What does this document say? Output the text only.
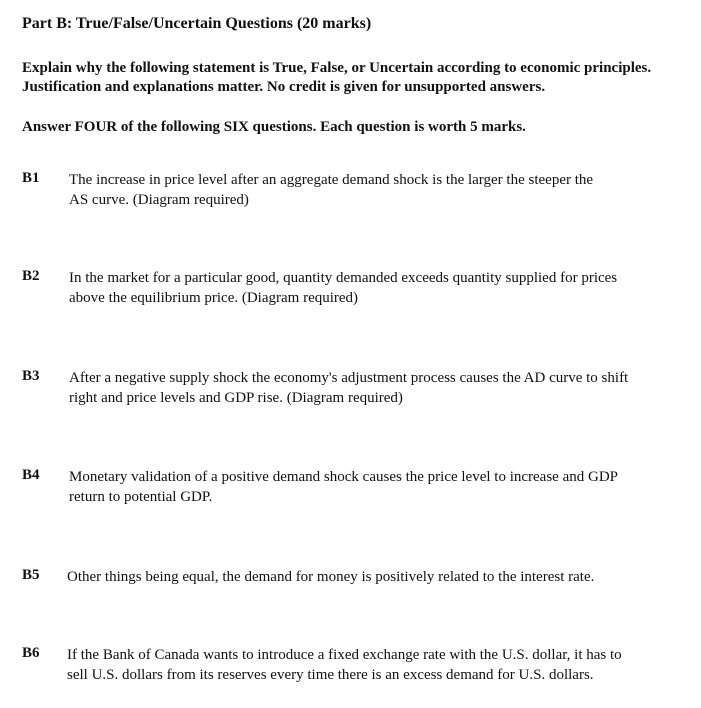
Part B: True/False/Uncertain Questions (20 marks)

Explain why the following statement is True, False, or Uncertain according to economic principles.
Justification and explanations matter. No credit is given for unsupported answers.

Answer FOUR of the following SIX questions. Each question is worth 5 marks.

B1 The increase in price level after an aggregate demand shock is the larger the steeper the
AS curve. (Diagram required)
B2 In the market for a particular good, quantity demanded exceeds quantity supplied for prices
above the equilibrium price. (Diagram required)
B3 After a negative supply shock the economy's adjustment process causes the AD curve to shift
right and price levels and GDP rise. (Diagram required)
B4 Monetary validation of a positive demand shock causes the price level to increase and GDP
return to potential GDP.
B5 Other things being equal, the demand for money is positively related to the interest rate.
B6 If the Bank of Canada wants to introduce a fixed exchange rate with the U.S. dollar, it has to
sell U.S. dollars from its reserves every time there is an excess demand for U.S. dollars.
